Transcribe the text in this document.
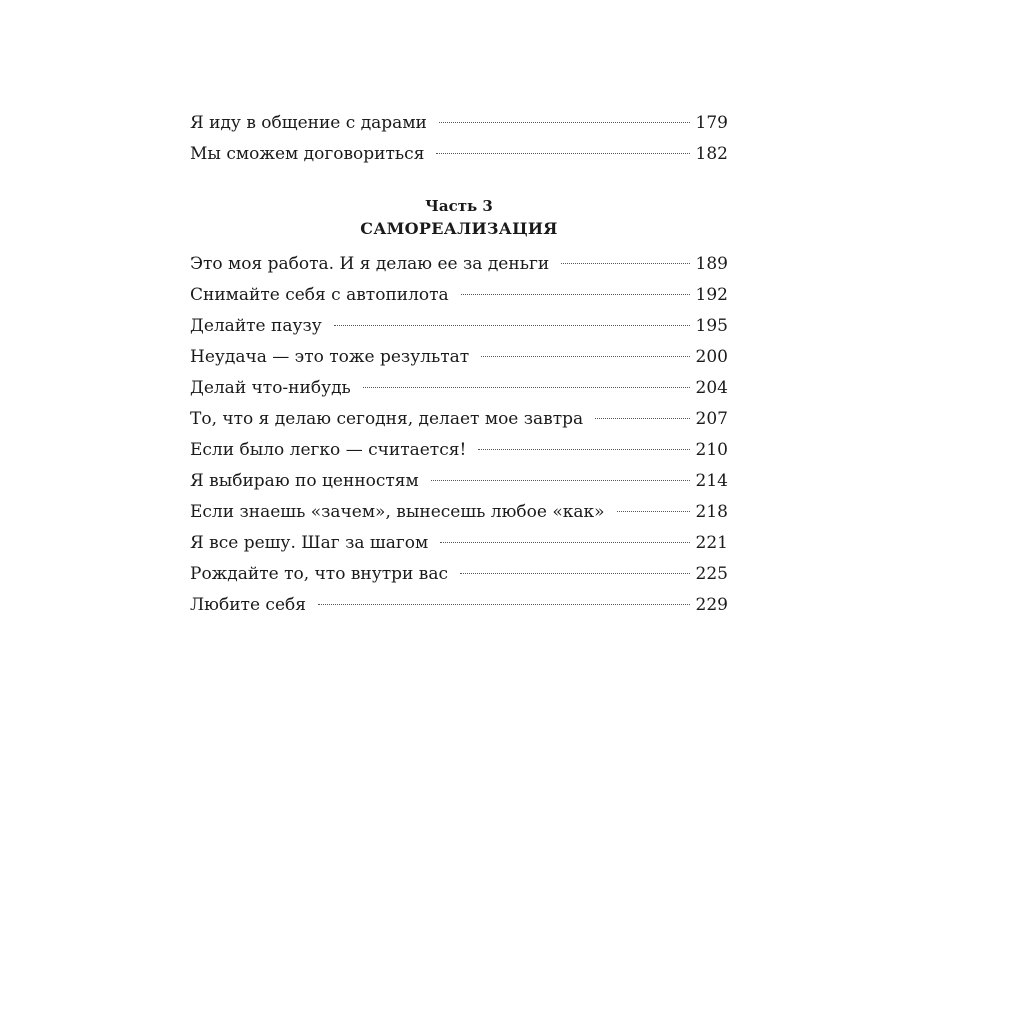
Я иду в общение с дарами	179
Мы сможем договориться	182
Часть 3
САМОРЕАЛИЗАЦИЯ
Это моя работа. И я делаю ее за деньги	189
Снимайте себя с автопилота	192
Делайте паузу	195
Неудача — это тоже результат	200
Делай что-нибудь	204
То, что я делаю сегодня, делает мое завтра	207
Если было легко — считается!	210
Я выбираю по ценностям	214
Если знаешь «зачем», вынесешь любое «как»	218
Я все решу. Шаг за шагом	221
Рождайте то, что внутри вас	225
Любите себя	229
